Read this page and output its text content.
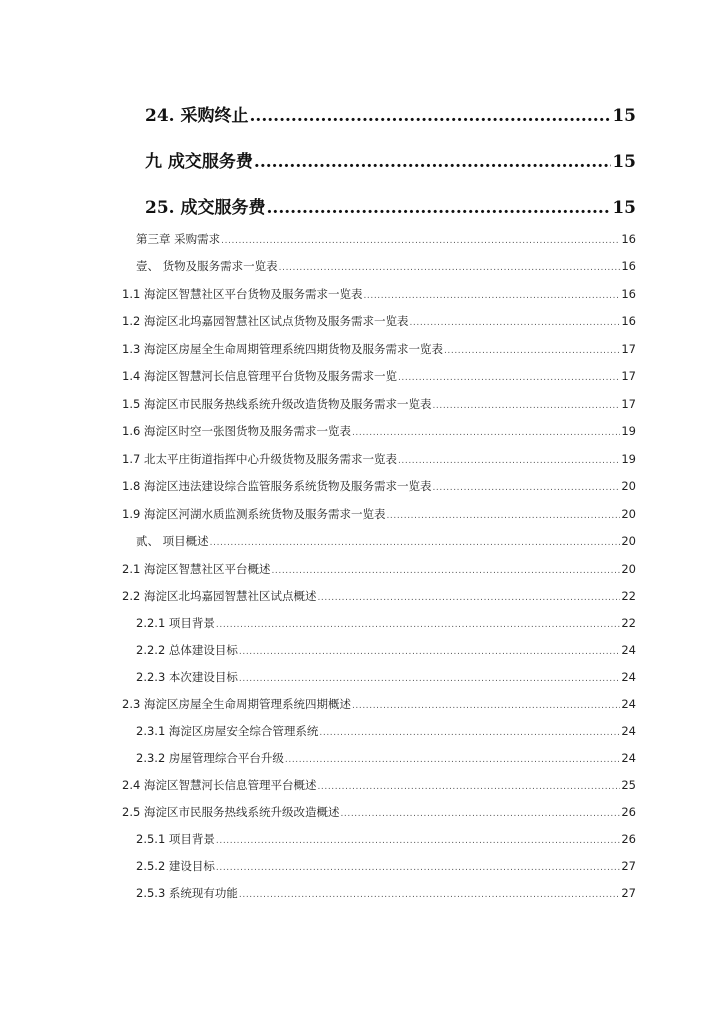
24. 采购终止 .....	15
九 成交服务费 .....	15
25. 成交服务费 .....	15
第三章 采购需求 .....	16
壹、 货物及服务需求一览表 .....	16
1.1 海淀区智慧社区平台货物及服务需求一览表 .....	16
1.2 海淀区北坞嘉园智慧社区试点货物及服务需求一览表 .....	16
1.3 海淀区房屋全生命周期管理系统四期货物及服务需求一览表 .....	17
1.4 海淀区智慧河长信息管理平台货物及服务需求一览 .....	17
1.5 海淀区市民服务热线系统升级改造货物及服务需求一览表 .....	17
1.6 海淀区时空一张图货物及服务需求一览表 .....	19
1.7 北太平庄街道指挥中心升级货物及服务需求一览表 .....	19
1.8 海淀区违法建设综合监管服务系统货物及服务需求一览表 .....	20
1.9 海淀区河湖水质监测系统货物及服务需求一览表 .....	20
贰、 项目概述 .....	20
2.1 海淀区智慧社区平台概述 .....	20
2.2 海淀区北坞嘉园智慧社区试点概述 .....	22
2.2.1 项目背景 .....	22
2.2.2 总体建设目标 .....	24
2.2.3 本次建设目标 .....	24
2.3 海淀区房屋全生命周期管理系统四期概述 .....	24
2.3.1 海淀区房屋安全综合管理系统 .....	24
2.3.2 房屋管理综合平台升级 .....	24
2.4 海淀区智慧河长信息管理平台概述 .....	25
2.5 海淀区市民服务热线系统升级改造概述 .....	26
2.5.1 项目背景 .....	26
2.5.2 建设目标 .....	27
2.5.3 系统现有功能 .....	27
